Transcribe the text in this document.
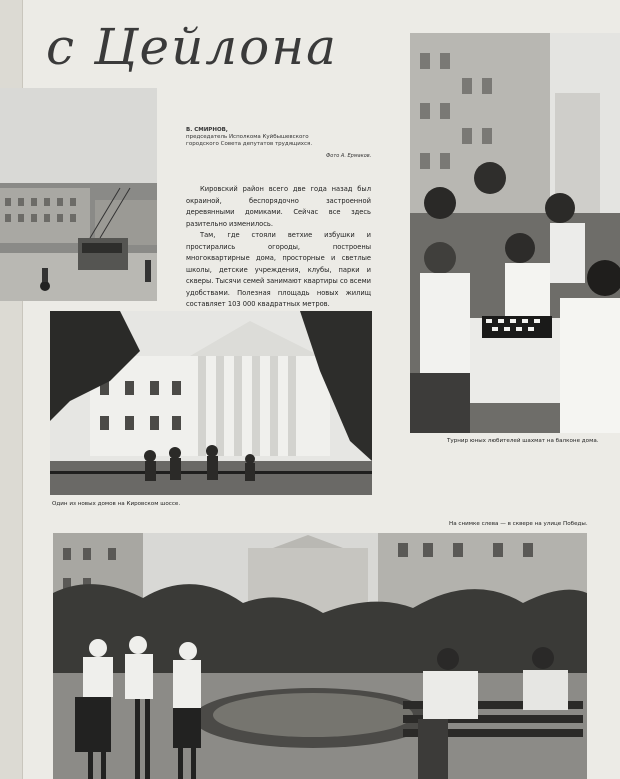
с Цейлона
В. СМИРНОВ,
председатель Исполкома Куйбышевского городского Совета депутатов трудящихся.
Фото А. Ермаков.

Кировский район всего две года назад был окраиной, беспорядочно застроенной деревянными домиками. Сейчас все здесь разительно изменилось.

Там, где стояли ветхие избушки и простирались огороды, построены многоквартирные дома, просторные и светлые школы, детские учреждения, клубы, парки и скверы. Тысячи семей занимают квартиры со всеми удобствами. Полезная площадь новых жилищ составляет 103 000 квадратных метров.

Турнир юных любителей шахмат на балконе дома.
Один из новых домов на Кировском шоссе.
На снимке слева — в сквере на улице Победы.
